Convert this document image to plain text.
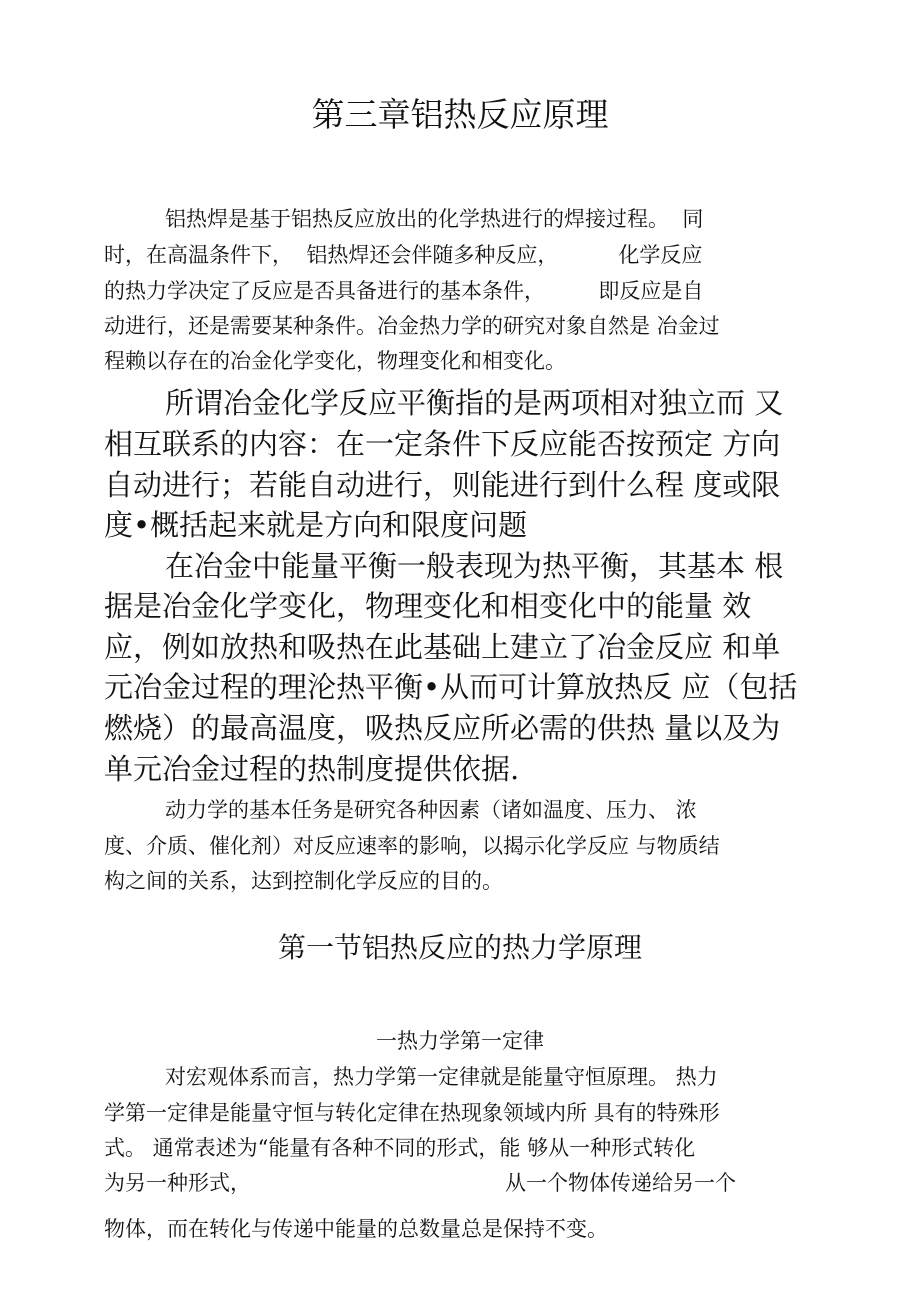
第三章铝热反应原理
铝热焊是基于铝热反应放出的化学热进行的焊接过程。  同
时，在高温条件下，  铝热焊还会伴随多种反应，         化学反应
的热力学决定了反应是否具备进行的基本条件，        即反应是自
动进行，还是需要某种条件。冶金热力学的研究对象自然是 冶金过
程赖以存在的冶金化学变化，物理变化和相变化。
所谓冶金化学反应平衡指的是两项相对独立而 又
相互联系的内容：在一定条件下反应能否按预定 方向
自动进行；若能自动进行，则能进行到什么程 度或限
度•概括起来就是方向和限度问题
在冶金中能量平衡一般表现为热平衡，其基本 根
据是冶金化学变化，物理变化和相变化中的能量 效
应，例如放热和吸热在此基础上建立了冶金反应 和单
元冶金过程的理沦热平衡•从而可计算放热反 应（包括
燃烧）的最高温度，吸热反应所必需的供热 量以及为
单元冶金过程的热制度提供依据.
动力学的基本任务是研究各种因素（诸如温度、压力、 浓
度、介质、催化剂）对反应速率的影响，以揭示化学反应 与物质结
构之间的关系，达到控制化学反应的目的。
第一节铝热反应的热力学原理
一热力学第一定律
对宏观体系而言，热力学第一定律就是能量守恒原理。 热力
学第一定律是能量守恒与转化定律在热现象领域内所 具有的特殊形
式。 通常表述为“能量有各种不同的形式，能 够从一种形式转化
为另一种形式，	从一个物体传递给另一个
物体，而在转化与传递中能量的总数量总是保持不变。
